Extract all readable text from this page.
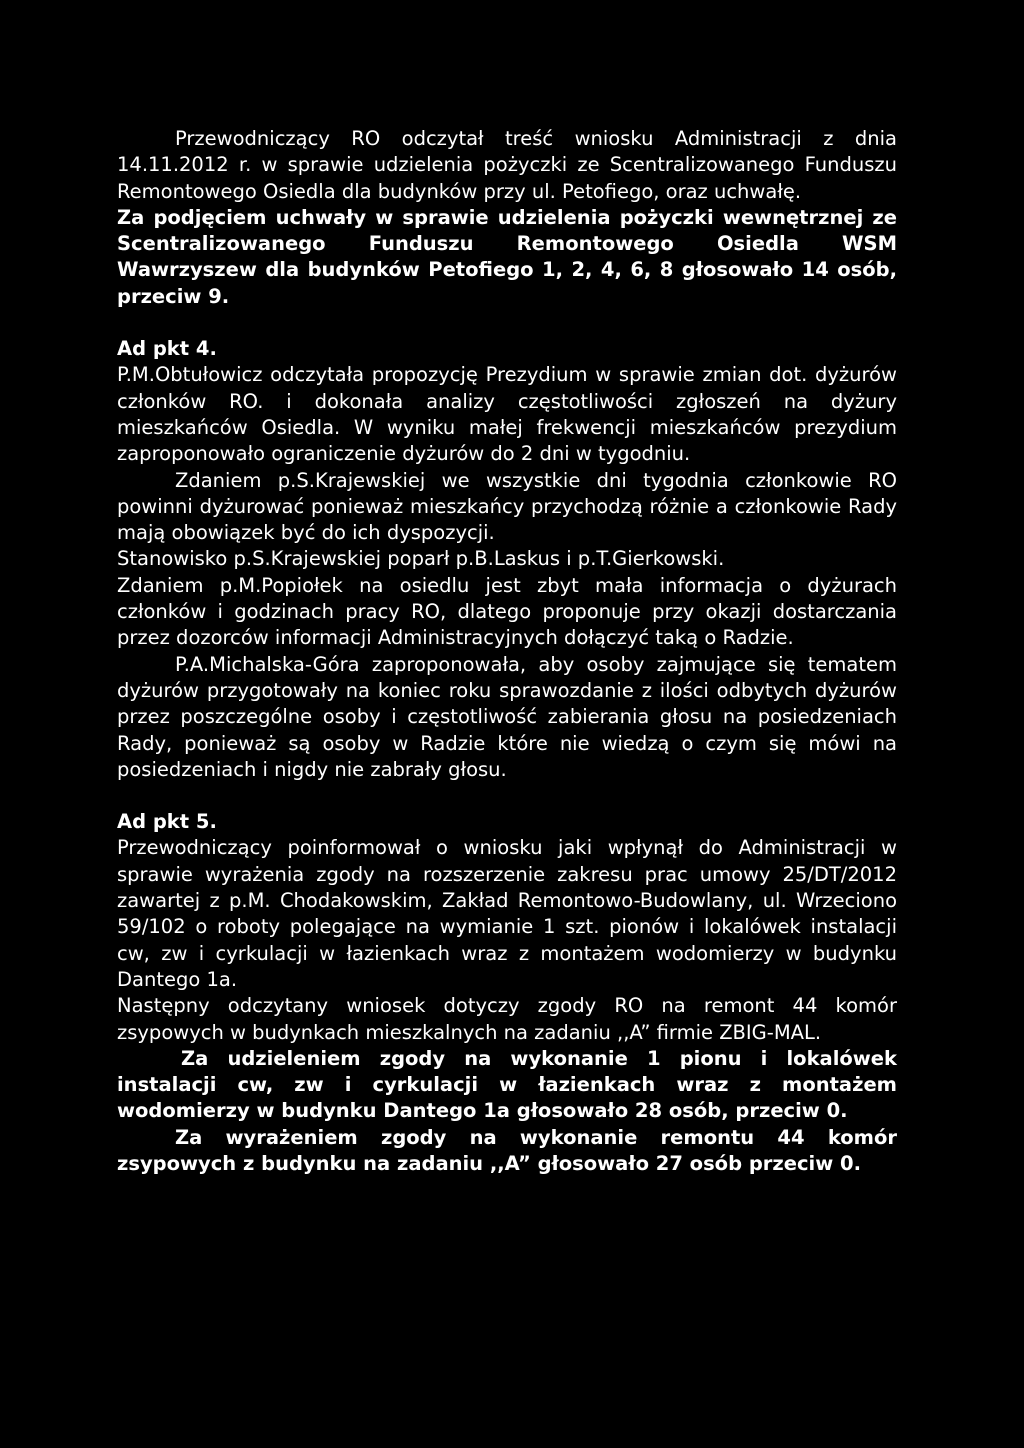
Przewodniczący RO odczytał treść wniosku Administracji z dnia 14.11.2012 r. w sprawie udzielenia pożyczki ze Scentralizowanego Funduszu Remontowego Osiedla dla budynków przy ul. Petofiego, oraz uchwałę.

Za podjęciem uchwały w sprawie udzielenia pożyczki wewnętrznej ze Scentralizowanego Funduszu Remontowego Osiedla WSM Wawrzyszew dla budynków Petofiego 1, 2, 4, 6, 8 głosowało 14 osób, przeciw 9.

Ad pkt 4.

P.M.Obtułowicz odczytała propozycję Prezydium w sprawie zmian dot. dyżurów członków RO. i dokonała analizy częstotliwości zgłoszeń na dyżury mieszkańców Osiedla. W wyniku małej frekwencji mieszkańców prezydium zaproponowało ograniczenie dyżurów do 2 dni w tygodniu.

Zdaniem p.S.Krajewskiej we wszystkie dni tygodnia członkowie RO powinni dyżurować ponieważ mieszkańcy przychodzą różnie a członkowie Rady mają obowiązek być do ich dyspozycji.

Stanowisko p.S.Krajewskiej poparł p.B.Laskus i p.T.Gierkowski.

Zdaniem p.M.Popiołek na osiedlu jest zbyt mała informacja o dyżurach członków i godzinach pracy RO, dlatego proponuje przy okazji dostarczania przez dozorców informacji Administracyjnych dołączyć taką o Radzie.

P.A.Michalska-Góra zaproponowała, aby osoby zajmujące się tematem dyżurów przygotowały na koniec roku sprawozdanie z ilości odbytych dyżurów przez poszczególne osoby i częstotliwość zabierania głosu na posiedzeniach Rady, ponieważ są osoby w Radzie które nie wiedzą o czym się mówi na posiedzeniach i nigdy nie zabrały głosu.

Ad pkt 5.

Przewodniczący poinformował o wniosku jaki wpłynął do Administracji w sprawie wyrażenia zgody na rozszerzenie zakresu prac umowy 25/DT/2012 zawartej z p.M. Chodakowskim, Zakład Remontowo-Budowlany, ul. Wrzeciono 59/102 o roboty polegające na wymianie 1 szt. pionów i lokalówek instalacji cw, zw i cyrkulacji w łazienkach wraz z montażem wodomierzy w budynku Dantego 1a.

Następny odczytany wniosek dotyczy zgody RO na remont 44 komór zsypowych w budynkach mieszkalnych na zadaniu ,,A” firmie ZBIG-MAL.

Za udzieleniem zgody na wykonanie 1 pionu i lokalówek instalacji cw, zw i cyrkulacji w łazienkach wraz z montażem wodomierzy w budynku Dantego 1a głosowało 28 osób, przeciw 0.

Za wyrażeniem zgody na wykonanie remontu 44 komór zsypowych z budynku na zadaniu ,,A” głosowało 27 osób przeciw 0.
